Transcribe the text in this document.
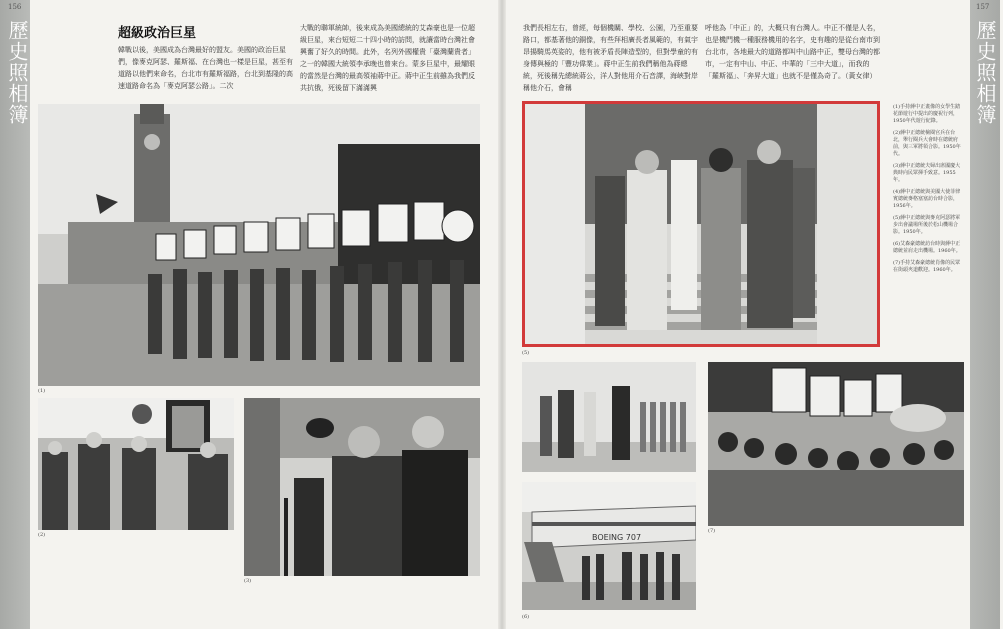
156	157
歷史照相簿	歷史照相簿
超級政治巨星

韓戰以後，美國成為台灣最好的盟友。美國的政治巨星們，像麥克阿瑟、羅斯福、在台灣也一樣是巨星，甚至有道路以他們來命名，台北市有羅斯福路，台北到基隆的高速道路命名為「麥克阿瑟公路」。二次

大戰的聯軍統帥，後來成為美國總統的艾森豪也是一位超級巨星，來台短短二十四小時的訪問，就讓當時台灣社會興奮了好久的時間。此外，名列外國權貴「臺灣蘭貴者」之一的韓國大統領李承晚也曾來台。蒙多巨星中，最耀眼的當然是台灣的最高領袖蔣中正。蔣中正生前雖為我們反共抗俄，死後留下滿滿興

我們長相左右，曾經，每個機關、學校、公園，乃至重要路口，都基著他的銅像，有些拜相廣長者風範的，有氣宇昂揚騎馬英姿的，他有被矛盾長陣造型的，但對學童的有身傳與極的「豐功偉業」。蔣中正生前我們稱他為蔣總統，死後稱先總統蔣公，洋人對他用介石音譯，海峽對岸稱他介石，會稱

呼他為「中正」的，大概只有台灣人。中正不僅是人名，也是機門機一種服務機用的名字，史有趣的是從台南市到台北市，各地最大的道路都叫中山路中正，雙母台灣的都市，一定有中山、中正、中華的「三中大道」，而我的「羅斯福」、「奔昇大道」也就不是僅為奇了。（黃女律）

(1)
(2)
(3)
(5)
BOEING 707
(6)
(7)

(1)手持蔣中正畫像的女學生踏花節遊行中提出的慶祝行列，1950年代遊行紀錄。

(2)蔣中正總統檢閱官兵在台北，舉行閱兵大會時在總統府前，與三軍將領合影。1950年代。

(3)蔣中正總統夫婦出席國慶大典時向民眾揮手致意。1955年。

(4)蔣中正總統與美國大使菲律賓總統麥格塞塞訪台時合影，1956年。

(5)蔣中正總統與麥克阿瑟將軍步出會議場所後於松山機場合影。1950年。

(6)艾森豪總統訪台時與蔣中正總統並肩走出機場。1960年。

(7)手持艾森豪總統肖像的民眾在街頭夾道歡迎。1960年。
